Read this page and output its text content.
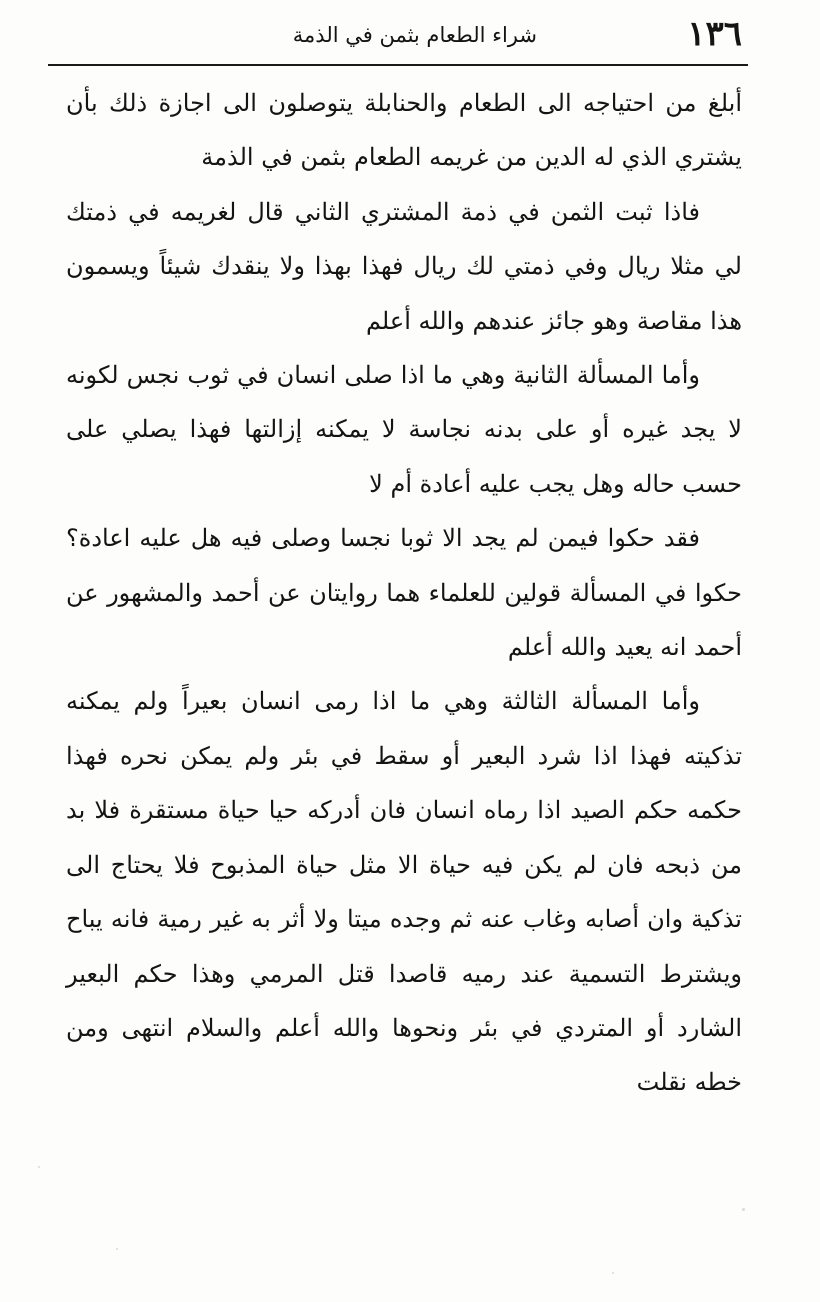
١٣٦
شراء الطعام بثمن في الذمة

أبلغ من احتياجه الى الطعام والحنابلة يتوصلون الى اجازة ذلك بأن يشتري الذي له الدين من غريمه الطعام بثمن في الذمة

فاذا ثبت الثمن في ذمة المشتري الثاني قال لغريمه في ذمتك لي مثلا ريال وفي ذمتي لك ريال فهذا بهذا ولا ينقدك شيئاً ويسمون هذا مقاصة وهو جائز عندهم والله أعلم

وأما المسألة الثانية وهي ما اذا صلى انسان في ثوب نجس لكونه لا يجد غيره أو على بدنه نجاسة لا يمكنه إزالتها فهذا يصلي على حسب حاله وهل يجب عليه أعادة أم لا

فقد حكوا فيمن لم يجد الا ثوبا نجسا وصلى فيه هل عليه اعادة؟ حكوا في المسألة قولين للعلماء هما روايتان عن أحمد والمشهور عن أحمد انه يعيد والله أعلم

وأما المسألة الثالثة وهي ما اذا رمى انسان بعيراً ولم يمكنه تذكيته فهذا اذا شرد البعير أو سقط في بئر ولم يمكن نحره فهذا حكمه حكم الصيد اذا رماه انسان فان أدركه حيا حياة مستقرة فلا بد من ذبحه فان لم يكن فيه حياة الا مثل حياة المذبوح فلا يحتاج الى تذكية وان أصابه وغاب عنه ثم وجده ميتا ولا أثر به غير رمية فانه يباح ويشترط التسمية عند رميه قاصدا قتل المرمي وهذا حكم البعير الشارد أو المتردي في بئر ونحوها والله أعلم والسلام انتهى ومن خطه نقلت
